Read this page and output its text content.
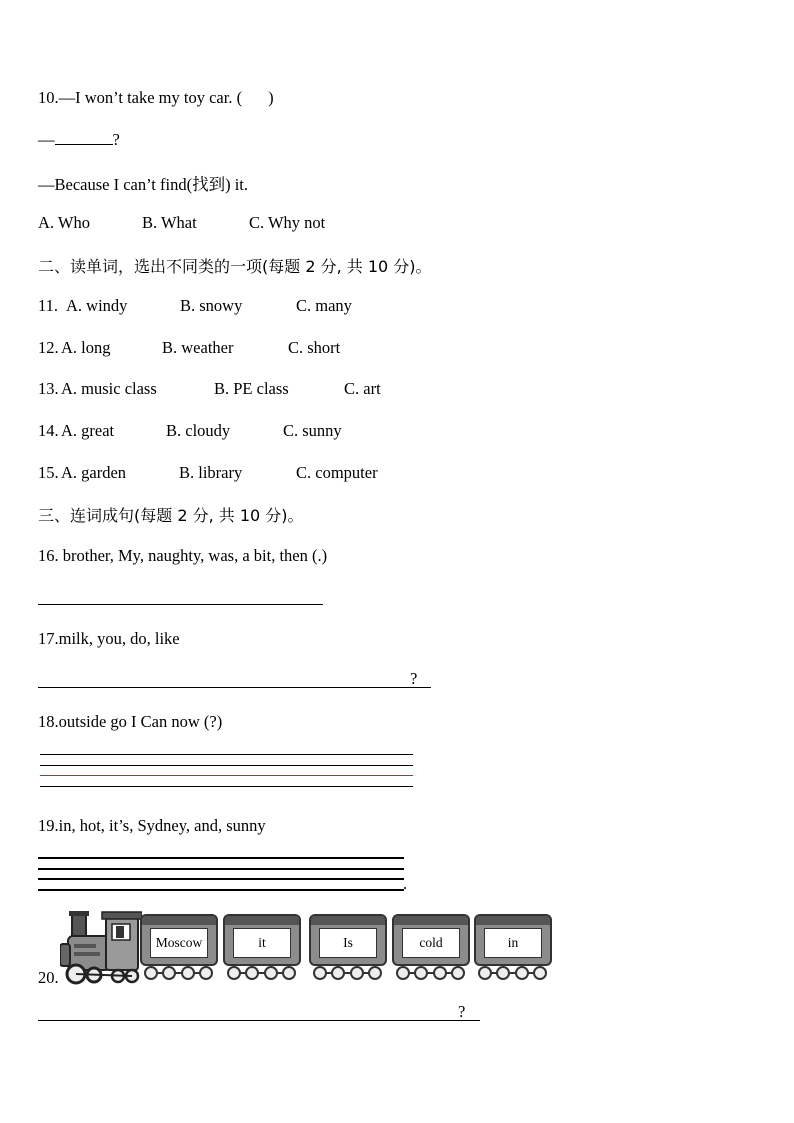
10.—I won’t take my toy car. ( )
—	?
—Because I can’t find(找到) it.
A. Who	B. What	C. Why not
二、读单词，选出不同类的一项(每题 2 分, 共 10 分)。
11. A. windy	B. snowy	C. many
12. A. long	B. weather	C. short
13. A. music class	B. PE class	C. art
14. A. great	B. cloudy	C. sunny
15. A. garden	B. library	C. computer
三、连词成句(每题 2 分, 共 10 分)。
16. brother, My, naughty, was, a bit, then (.)
17.milk, you, do, like
?
18.outside go I Can now (?)
19.in, hot, it’s, Sydney, and, sunny
.
Moscow	it	Is	cold	in
20.
?
